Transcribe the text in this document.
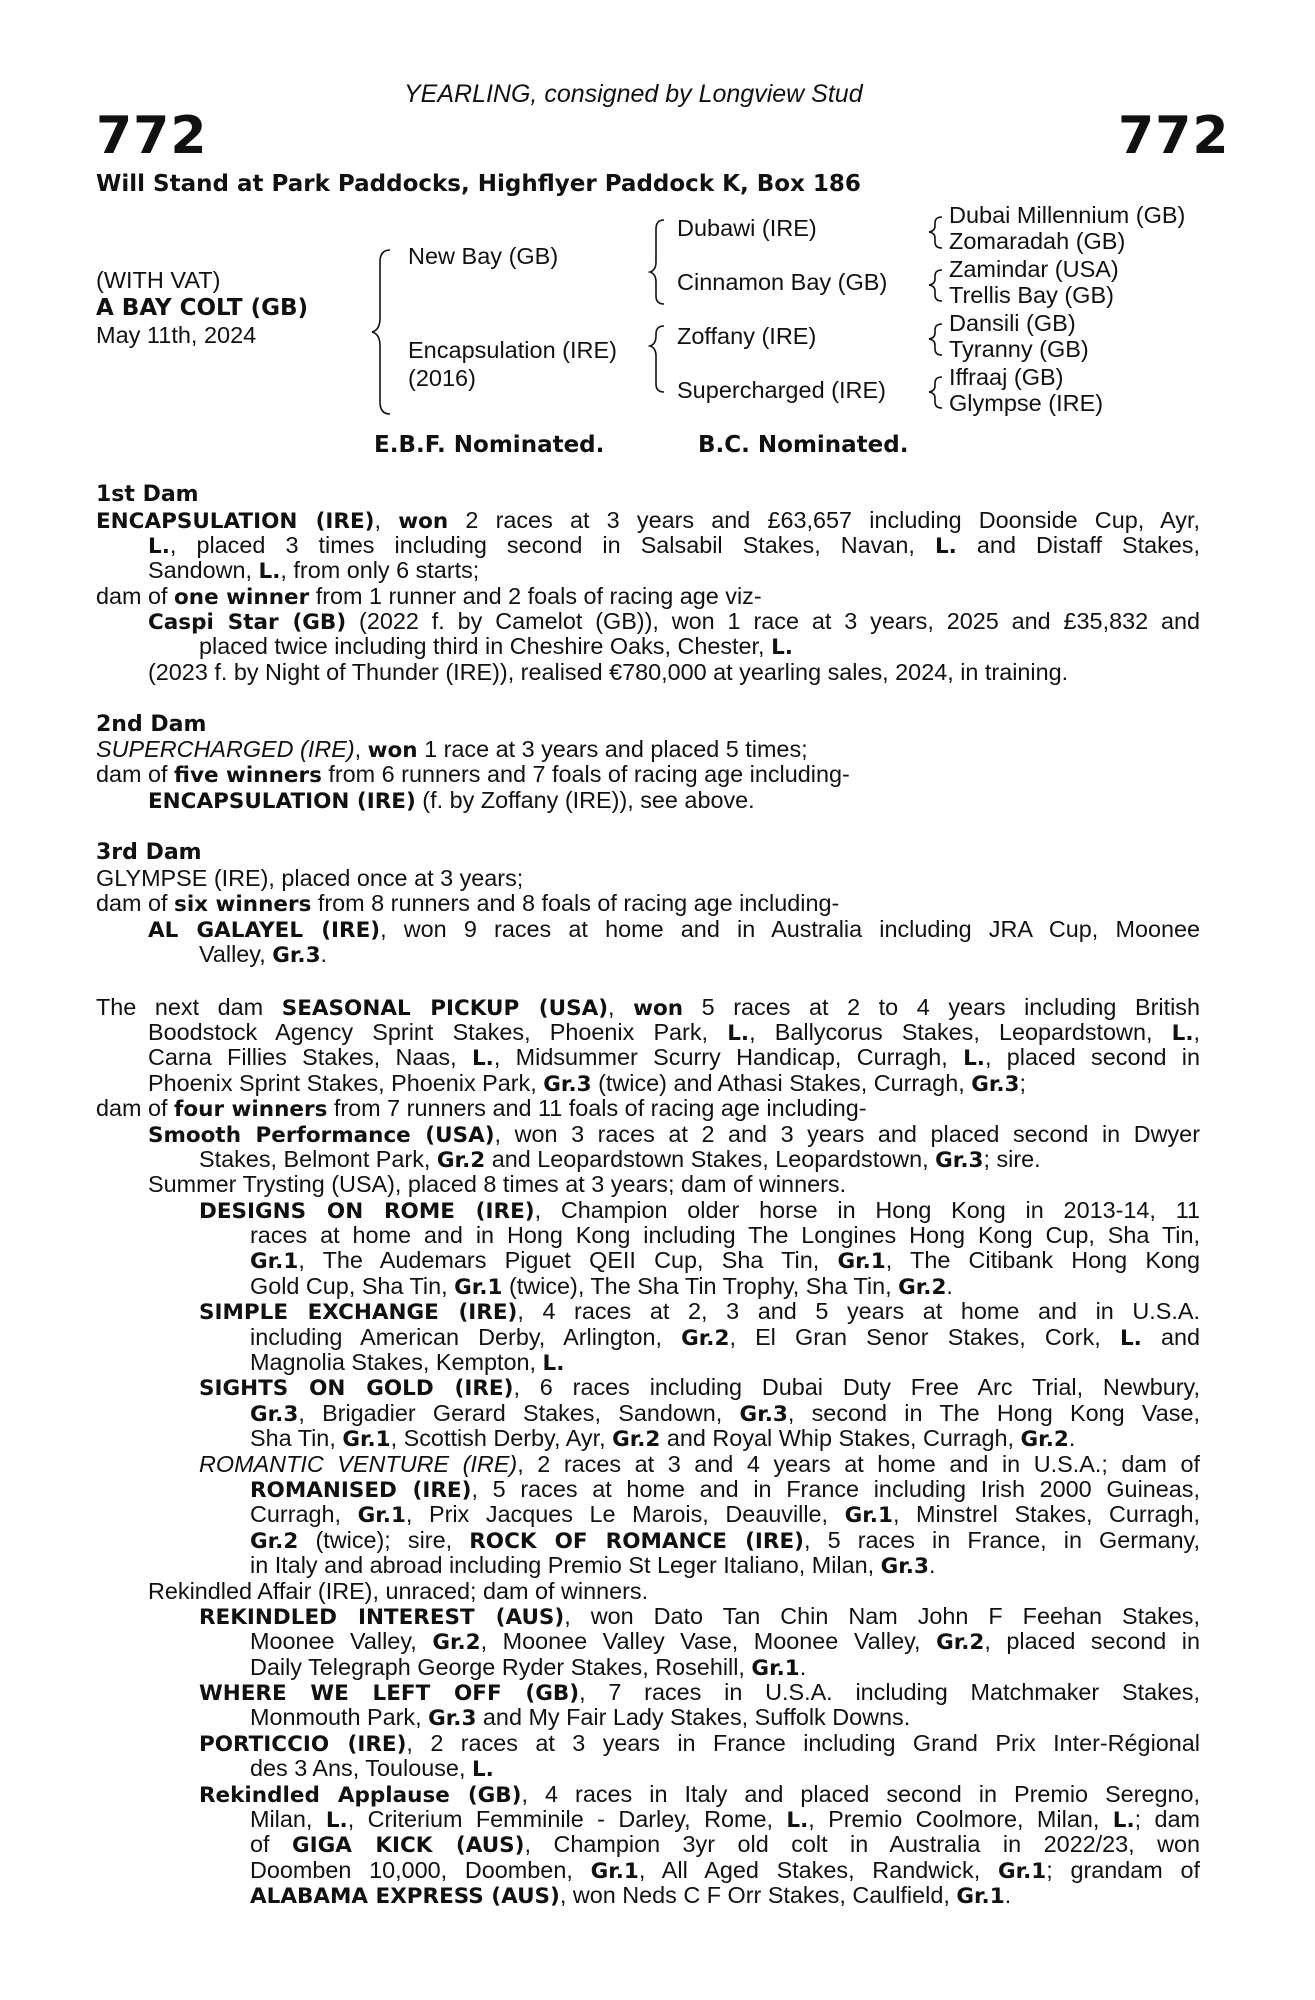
YEARLING, consigned by Longview Stud
772	772
Will Stand at Park Paddocks, Highflyer Paddock K, Box 186
(WITH VAT)
A BAY COLT (GB)
May 11th, 2024
New Bay (GB)
Encapsulation (IRE)
(2016)
Dubawi (IRE)
Cinnamon Bay (GB)
Zoffany (IRE)
Supercharged (IRE)
Dubai Millennium (GB)
Zomaradah (GB)
Zamindar (USA)
Trellis Bay (GB)
Dansili (GB)
Tyranny (GB)
Iffraaj (GB)
Glympse (IRE)
E.B.F. Nominated.	B.C. Nominated.
1st Dam
ENCAPSULATION (IRE), won 2 races at 3 years and £63,657 including Doonside Cup, Ayr,
L., placed 3 times including second in Salsabil Stakes, Navan, L. and Distaff Stakes,
Sandown, L., from only 6 starts;
dam of one winner from 1 runner and 2 foals of racing age viz-
Caspi Star (GB) (2022 f. by Camelot (GB)), won 1 race at 3 years, 2025 and £35,832 and
placed twice including third in Cheshire Oaks, Chester, L.
(2023 f. by Night of Thunder (IRE)), realised €780,000 at yearling sales, 2024, in training.
2nd Dam
SUPERCHARGED (IRE), won 1 race at 3 years and placed 5 times;
dam of five winners from 6 runners and 7 foals of racing age including-
ENCAPSULATION (IRE) (f. by Zoffany (IRE)), see above.
3rd Dam
GLYMPSE (IRE), placed once at 3 years;
dam of six winners from 8 runners and 8 foals of racing age including-
AL GALAYEL (IRE), won 9 races at home and in Australia including JRA Cup, Moonee
Valley, Gr.3.
The next dam SEASONAL PICKUP (USA), won 5 races at 2 to 4 years including British
Boodstock Agency Sprint Stakes, Phoenix Park, L., Ballycorus Stakes, Leopardstown, L.,
Carna Fillies Stakes, Naas, L., Midsummer Scurry Handicap, Curragh, L., placed second in
Phoenix Sprint Stakes, Phoenix Park, Gr.3 (twice) and Athasi Stakes, Curragh, Gr.3;
dam of four winners from 7 runners and 11 foals of racing age including-
Smooth Performance (USA), won 3 races at 2 and 3 years and placed second in Dwyer
Stakes, Belmont Park, Gr.2 and Leopardstown Stakes, Leopardstown, Gr.3; sire.
Summer Trysting (USA), placed 8 times at 3 years; dam of winners.
DESIGNS ON ROME (IRE), Champion older horse in Hong Kong in 2013-14, 11
races at home and in Hong Kong including The Longines Hong Kong Cup, Sha Tin,
Gr.1, The Audemars Piguet QEII Cup, Sha Tin, Gr.1, The Citibank Hong Kong
Gold Cup, Sha Tin, Gr.1 (twice), The Sha Tin Trophy, Sha Tin, Gr.2.
SIMPLE EXCHANGE (IRE), 4 races at 2, 3 and 5 years at home and in U.S.A.
including American Derby, Arlington, Gr.2, El Gran Senor Stakes, Cork, L. and
Magnolia Stakes, Kempton, L.
SIGHTS ON GOLD (IRE), 6 races including Dubai Duty Free Arc Trial, Newbury,
Gr.3, Brigadier Gerard Stakes, Sandown, Gr.3, second in The Hong Kong Vase,
Sha Tin, Gr.1, Scottish Derby, Ayr, Gr.2 and Royal Whip Stakes, Curragh, Gr.2.
ROMANTIC VENTURE (IRE), 2 races at 3 and 4 years at home and in U.S.A.; dam of
ROMANISED (IRE), 5 races at home and in France including Irish 2000 Guineas,
Curragh, Gr.1, Prix Jacques Le Marois, Deauville, Gr.1, Minstrel Stakes, Curragh,
Gr.2 (twice); sire, ROCK OF ROMANCE (IRE), 5 races in France, in Germany,
in Italy and abroad including Premio St Leger Italiano, Milan, Gr.3.
Rekindled Affair (IRE), unraced; dam of winners.
REKINDLED INTEREST (AUS), won Dato Tan Chin Nam John F Feehan Stakes,
Moonee Valley, Gr.2, Moonee Valley Vase, Moonee Valley, Gr.2, placed second in
Daily Telegraph George Ryder Stakes, Rosehill, Gr.1.
WHERE WE LEFT OFF (GB), 7 races in U.S.A. including Matchmaker Stakes,
Monmouth Park, Gr.3 and My Fair Lady Stakes, Suffolk Downs.
PORTICCIO (IRE), 2 races at 3 years in France including Grand Prix Inter-Régional
des 3 Ans, Toulouse, L.
Rekindled Applause (GB), 4 races in Italy and placed second in Premio Seregno,
Milan, L., Criterium Femminile - Darley, Rome, L., Premio Coolmore, Milan, L.; dam
of GIGA KICK (AUS), Champion 3yr old colt in Australia in 2022/23, won
Doomben 10,000, Doomben, Gr.1, All Aged Stakes, Randwick, Gr.1; grandam of
ALABAMA EXPRESS (AUS), won Neds C F Orr Stakes, Caulfield, Gr.1.
